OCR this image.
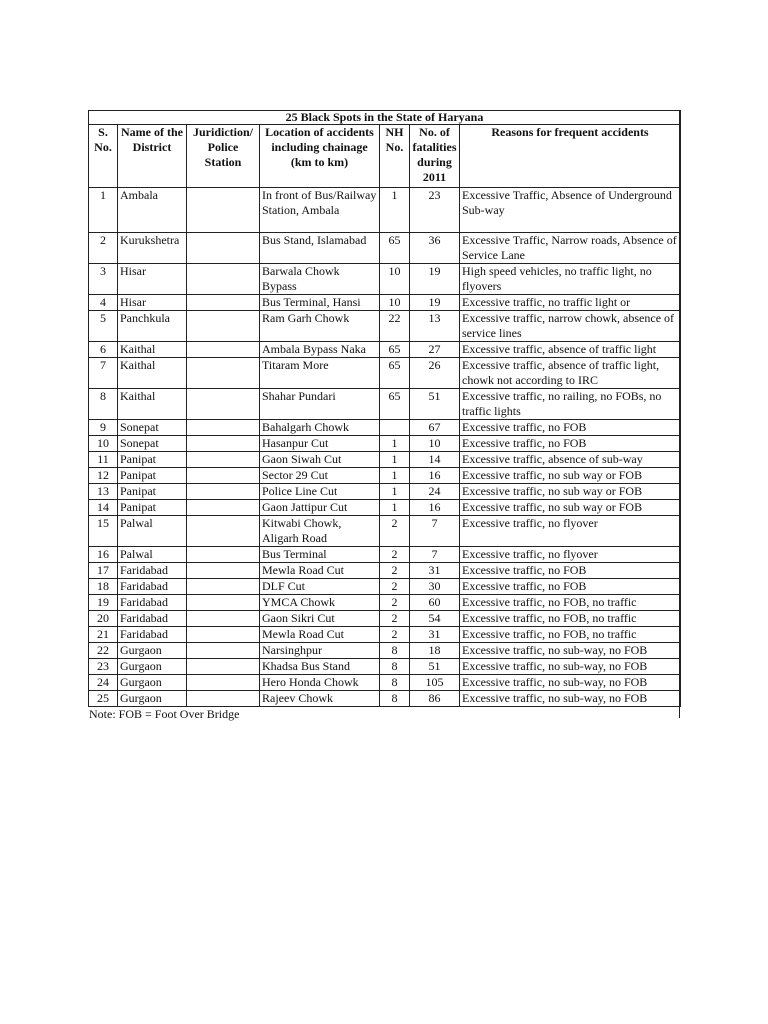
25 Black Spots in the State of Haryana						
S. No.	Name of the District	Juridiction/ Police Station	Location of accidents including chainage (km to km)	NH No.	No. of fatalities during 2011	Reasons for frequent accidents
1	Ambala		In front of Bus/Railway Station, Ambala	1	23	Excessive Traffic, Absence of Underground Sub-way
2	Kurukshetra		Bus Stand, Islamabad	65	36	Excessive Traffic, Narrow roads, Absence of Service Lane
3	Hisar		Barwala Chowk Bypass	10	19	High speed vehicles, no traffic light, no flyovers
4	Hisar		Bus Terminal, Hansi	10	19	Excessive traffic, no traffic light or
5	Panchkula		Ram Garh Chowk	22	13	Excessive traffic, narrow chowk, absence of service lines
6	Kaithal		Ambala Bypass Naka	65	27	Excessive traffic, absence of traffic light
7	Kaithal		Titaram More	65	26	Excessive traffic, absence of traffic light, chowk not according to IRC
8	Kaithal		Shahar Pundari	65	51	Excessive traffic, no railing, no FOBs, no traffic lights
9	Sonepat		Bahalgarh Chowk		67	Excessive traffic, no FOB
10	Sonepat		Hasanpur Cut	1	10	Excessive traffic, no FOB
11	Panipat		Gaon Siwah Cut	1	14	Excessive traffic, absence of sub-way
12	Panipat		Sector 29 Cut	1	16	Excessive traffic, no sub way or FOB
13	Panipat		Police Line Cut	1	24	Excessive traffic, no sub way or FOB
14	Panipat		Gaon Jattipur Cut	1	16	Excessive traffic, no sub way or FOB
15	Palwal		Kitwabi Chowk, Aligarh Road	2	7	Excessive traffic, no flyover
16	Palwal		Bus Terminal	2	7	Excessive traffic, no flyover
17	Faridabad		Mewla Road Cut	2	31	Excessive traffic, no FOB
18	Faridabad		DLF Cut	2	30	Excessive traffic, no FOB
19	Faridabad		YMCA Chowk	2	60	Excessive traffic, no FOB, no traffic
20	Faridabad		Gaon Sikri Cut	2	54	Excessive traffic, no FOB, no traffic
21	Faridabad		Mewla Road Cut	2	31	Excessive traffic, no FOB, no traffic
22	Gurgaon		Narsinghpur	8	18	Excessive traffic, no sub-way, no FOB
23	Gurgaon		Khadsa Bus Stand	8	51	Excessive traffic, no sub-way, no FOB
24	Gurgaon		Hero Honda Chowk	8	105	Excessive traffic, no sub-way, no FOB
25	Gurgaon		Rajeev Chowk	8	86	Excessive traffic, no sub-way, no FOB
Note: FOB = Foot Over Bridge
